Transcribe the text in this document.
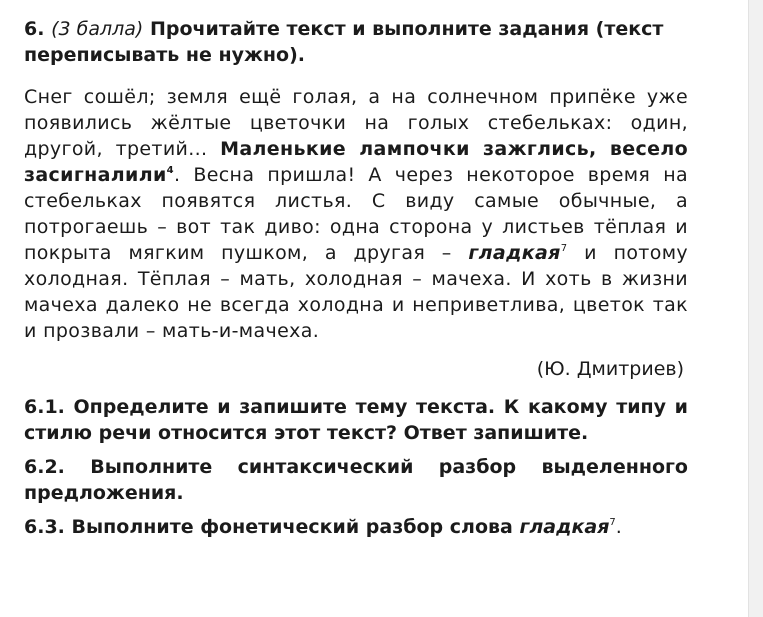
6. (3 балла) Прочитайте текст и выполните задания (текст переписывать не нужно).
Снег сошёл; земля ещё голая, а на солнечном припёке уже появились жёлтые цветочки на голых стебельках: один, другой, третий... Маленькие лампочки зажглись, весело засигналили$^4$. Весна пришла! А через некоторое время на стебельках появятся листья. С виду самые обычные, а потрогаешь – вот так диво: одна сторона у листьев тёплая и покрыта мягким пушком, а другая – гладкая$^7$ и потому холодная. Тёплая – мать, холодная – мачеха. И хоть в жизни мачеха далеко не всегда холодна и неприветлива, цветок так и прозвали – мать-и-мачеха.
(Ю. Дмитриев)
6.1. Определите и запишите тему текста. К какому типу и стилю речи относится этот текст? Ответ запишите.
6.2. Выполните синтаксический разбор выделенного предложения.
6.3. Выполните фонетический разбор слова гладкая$^7$.
